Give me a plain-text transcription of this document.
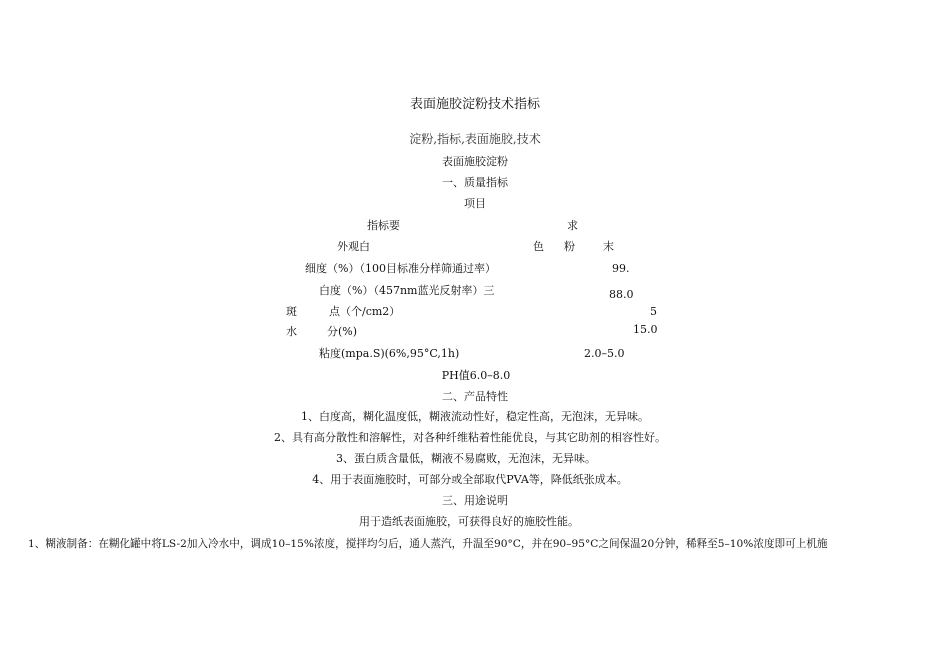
表面施胶淀粉技术指标
淀粉,指标,表面施胶,技术
表面施胶淀粉
一、质量指标
项目
指标要	求
外观白	色 粉	末
细度（%）（100目标准分样筛通过率）	99.
白度（%）（457nm蓝光反射率）三	88.0
斑	点（个/cm2）	5
水	分(%)	15.0
粘度(mpa.S)(6%,95°C,1h)	2.0–5.0
PH值6.0–8.0
二、产品特性
1、白度高，糊化温度低，糊液流动性好，稳定性高，无泡沫，无异味。
2、具有高分散性和溶解性，对各种纤维粘着性能优良，与其它助剂的相容性好。
3、蛋白质含量低，糊液不易腐败，无泡沫，无异味。
4、用于表面施胶时，可部分或全部取代PVA等，降低纸张成本。
三、用途说明
用于造纸表面施胶，可获得良好的施胶性能。
1、糊液制备：在糊化罐中将LS-2加入冷水中，调成10–15%浓度，搅拌均匀后，通人蒸汽，升温至90°C，并在90–95°C之间保温20分钟，稀释至5–10%浓度即可上机施
